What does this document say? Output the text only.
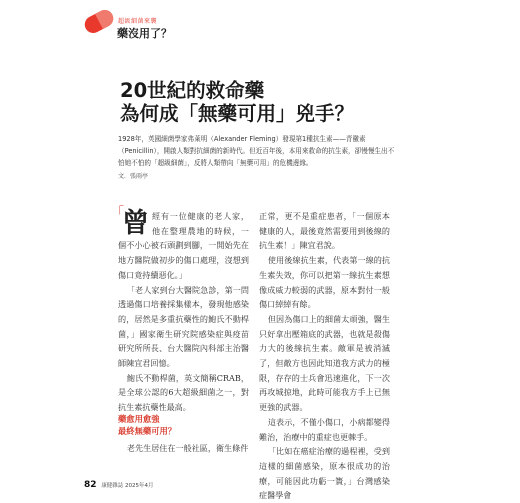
超級細菌來襲
藥沒用了？
20世紀的救命藥
為何成「無藥可用」兇手？
1928年，英國細菌學家弗萊明（Alexander Fleming）發現第1種抗生素——青黴素（Penicillin），開啟人類對抗細菌的新時代。但近百年後，本用來救命的抗生素，卻慢慢生出不怕她不怕的「超級細菌」，反將人類帶向「無藥可用」的危機邊緣。
文．張雨亭
「
曾 經有一位健康的老人家，他在整理農地的時候，一個不小心被石頭劃到腳，一開始先在地方醫院做初步的傷口處理，沒想到傷口竟持續惡化。」

「老人家到台大醫院急診，第一問透過傷口培養採集樣本，發現他感染的，居然是多重抗藥性的鮑氏不動桿菌，」國家衛生研究院感染症與疫苗研究所所長、台大醫院內科部主治醫師陳宜君回憶。

鮑氏不動桿菌，英文簡稱CRAB，是全球公認的6大超級細菌之一，對抗生素抗藥性最高。

藥愈用愈強
最終無藥可用？

老先生居住在一般社區，衛生條件

正常，更不是重症患者，「一個原本健康的人，最後竟然需要用到後線的抗生素！」陳宜君說。

使用後線抗生素，代表第一線的抗生素失效，你可以把第一線抗生素想像成威力較弱的武器，原本對付一般傷口綽綽有餘。

但因為傷口上的細菌太頑強，醫生只好拿出壓箱底的武器，也就是殺傷力大的後線抗生素。敵軍是被消滅了，但敵方也因此知道我方武力的極限，存存的士兵會迅速進化，下一次再攻城掠地，此時可能我方手上已無更強的武器。

這表示，不僅小傷口，小病都變得難治，治療中的重症也更棘手。

「比如在癌症治療的過程裡，受到這樣的細菌感染，原本很成功的治療，可能因此功虧一簣，」台灣感染症醫學會

82 康健雜誌 2025年4月
